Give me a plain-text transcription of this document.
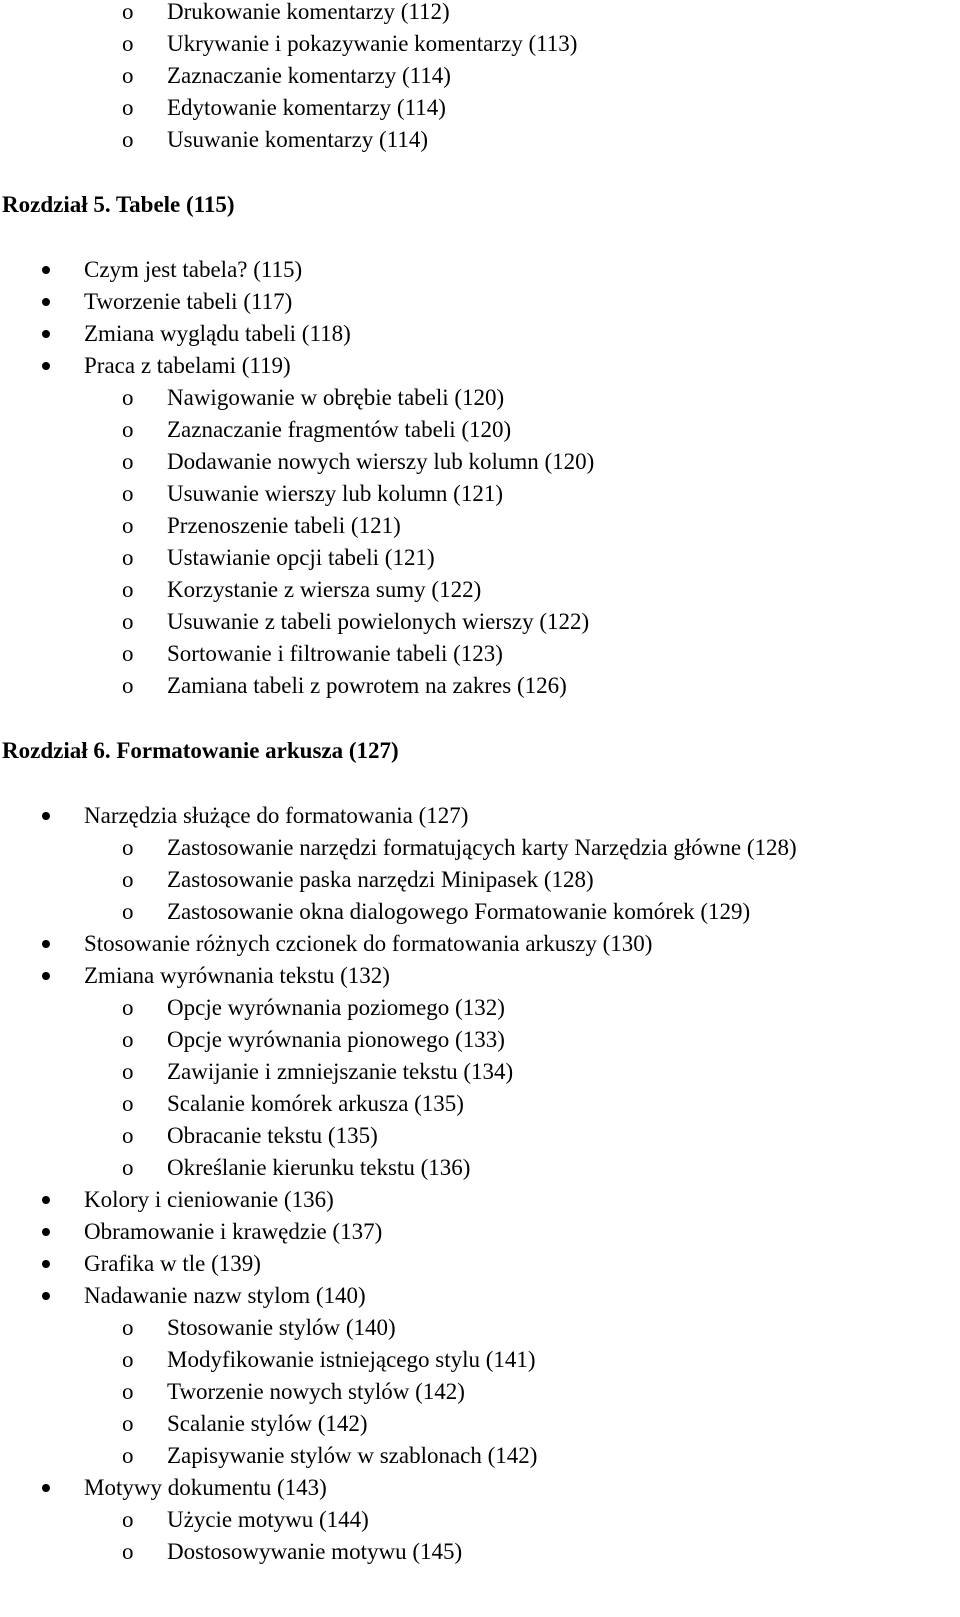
o Drukowanie komentarzy (112)
o Ukrywanie i pokazywanie komentarzy (113)
o Zaznaczanie komentarzy (114)
o Edytowanie komentarzy (114)
o Usuwanie komentarzy (114)
Rozdział 5. Tabele (115)
Czym jest tabela? (115)
Tworzenie tabeli (117)
Zmiana wyglądu tabeli (118)
Praca z tabelami (119)
o Nawigowanie w obrębie tabeli (120)
o Zaznaczanie fragmentów tabeli (120)
o Dodawanie nowych wierszy lub kolumn (120)
o Usuwanie wierszy lub kolumn (121)
o Przenoszenie tabeli (121)
o Ustawianie opcji tabeli (121)
o Korzystanie z wiersza sumy (122)
o Usuwanie z tabeli powielonych wierszy (122)
o Sortowanie i filtrowanie tabeli (123)
o Zamiana tabeli z powrotem na zakres (126)
Rozdział 6. Formatowanie arkusza (127)
Narzędzia służące do formatowania (127)
o Zastosowanie narzędzi formatujących karty Narzędzia główne (128)
o Zastosowanie paska narzędzi Minipasek (128)
o Zastosowanie okna dialogowego Formatowanie komórek (129)
Stosowanie różnych czcionek do formatowania arkuszy (130)
Zmiana wyrównania tekstu (132)
o Opcje wyrównania poziomego (132)
o Opcje wyrównania pionowego (133)
o Zawijanie i zmniejszanie tekstu (134)
o Scalanie komórek arkusza (135)
o Obracanie tekstu (135)
o Określanie kierunku tekstu (136)
Kolory i cieniowanie (136)
Obramowanie i krawędzie (137)
Grafika w tle (139)
Nadawanie nazw stylom (140)
o Stosowanie stylów (140)
o Modyfikowanie istniejącego stylu (141)
o Tworzenie nowych stylów (142)
o Scalanie stylów (142)
o Zapisywanie stylów w szablonach (142)
Motywy dokumentu (143)
o Użycie motywu (144)
o Dostosowywanie motywu (145)
